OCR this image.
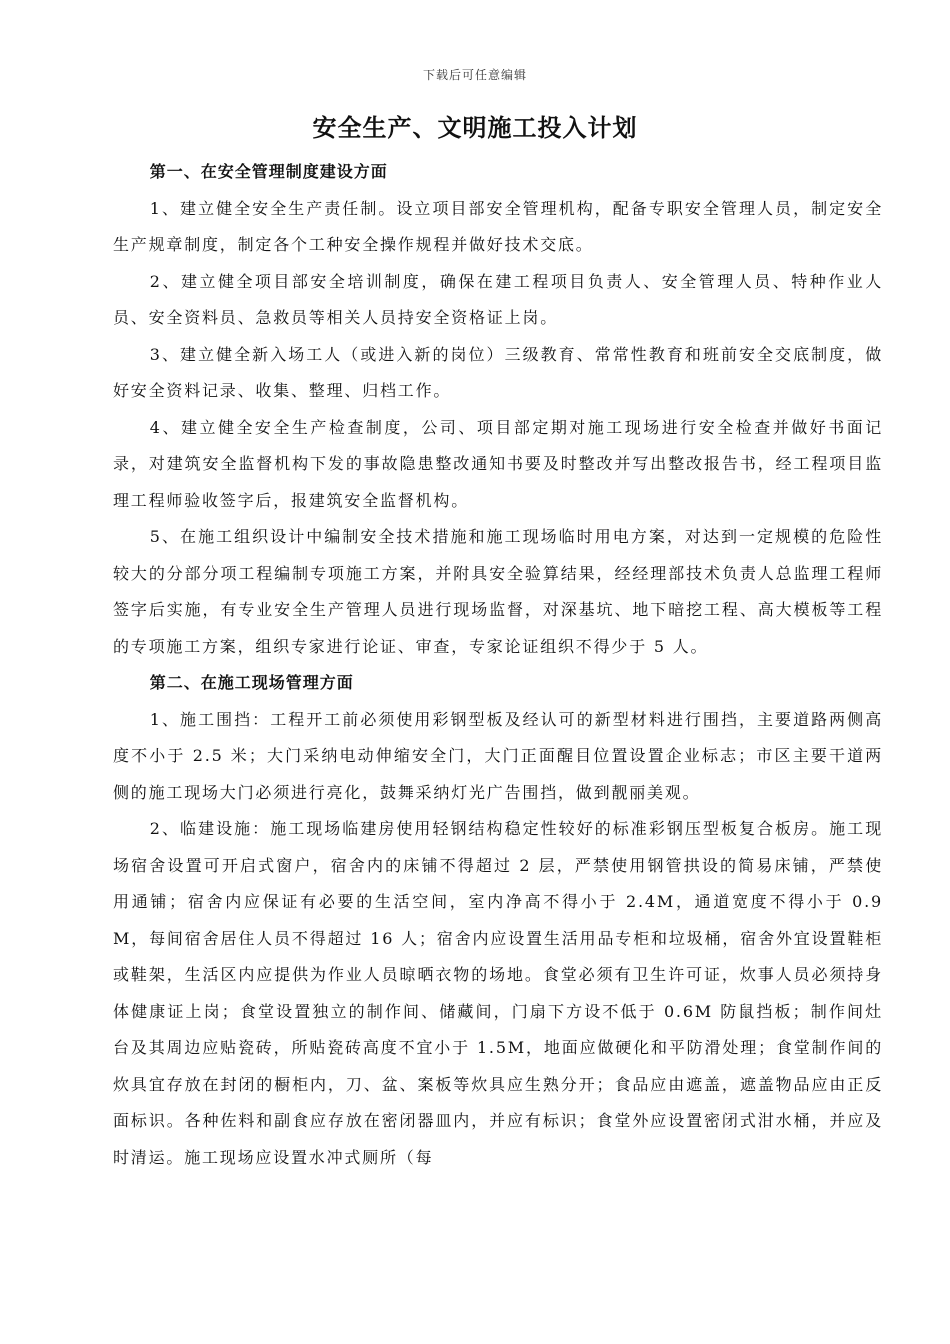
下载后可任意编辑
安全生产、文明施工投入计划

第一、在安全管理制度建设方面

1、建立健全安全生产责任制。设立项目部安全管理机构，配备专职安全管理人员，制定安全生产规章制度，制定各个工种安全操作规程并做好技术交底。

2、建立健全项目部安全培训制度，确保在建工程项目负责人、安全管理人员、特种作业人员、安全资料员、急救员等相关人员持安全资格证上岗。

3、建立健全新入场工人（或进入新的岗位）三级教育、常常性教育和班前安全交底制度，做好安全资料记录、收集、整理、归档工作。

4、建立健全安全生产检查制度，公司、项目部定期对施工现场进行安全检查并做好书面记录，对建筑安全监督机构下发的事故隐患整改通知书要及时整改并写出整改报告书，经工程项目监理工程师验收签字后，报建筑安全监督机构。

5、在施工组织设计中编制安全技术措施和施工现场临时用电方案，对达到一定规模的危险性较大的分部分项工程编制专项施工方案，并附具安全验算结果，经经理部技术负责人总监理工程师签字后实施，有专业安全生产管理人员进行现场监督，对深基坑、地下暗挖工程、高大模板等工程的专项施工方案，组织专家进行论证、审查，专家论证组织不得少于 5 人。

第二、在施工现场管理方面

1、施工围挡：工程开工前必须使用彩钢型板及经认可的新型材料进行围挡，主要道路两侧高度不小于 2.5 米；大门采纳电动伸缩安全门，大门正面醒目位置设置企业标志；市区主要干道两侧的施工现场大门必须进行亮化，鼓舞采纳灯光广告围挡，做到靓丽美观。

2、临建设施：施工现场临建房使用轻钢结构稳定性较好的标准彩钢压型板复合板房。施工现场宿舍设置可开启式窗户，宿舍内的床铺不得超过 2 层，严禁使用钢管拱设的简易床铺，严禁使用通铺；宿舍内应保证有必要的生活空间，室内净高不得小于 2.4M，通道宽度不得小于 0.9M，每间宿舍居住人员不得超过 16 人；宿舍内应设置生活用品专柜和垃圾桶，宿舍外宜设置鞋柜或鞋架，生活区内应提供为作业人员晾晒衣物的场地。食堂必须有卫生许可证，炊事人员必须持身体健康证上岗；食堂设置独立的制作间、储藏间，门扇下方设不低于 0.6M 防鼠挡板；制作间灶台及其周边应贴瓷砖，所贴瓷砖高度不宜小于 1.5M，地面应做硬化和平防滑处理；食堂制作间的炊具宜存放在封闭的橱柜内，刀、盆、案板等炊具应生熟分开；食品应由遮盖，遮盖物品应由正反面标识。各种佐料和副食应存放在密闭器皿内，并应有标识；食堂外应设置密闭式泔水桶，并应及时清运。施工现场应设置水冲式厕所（每
